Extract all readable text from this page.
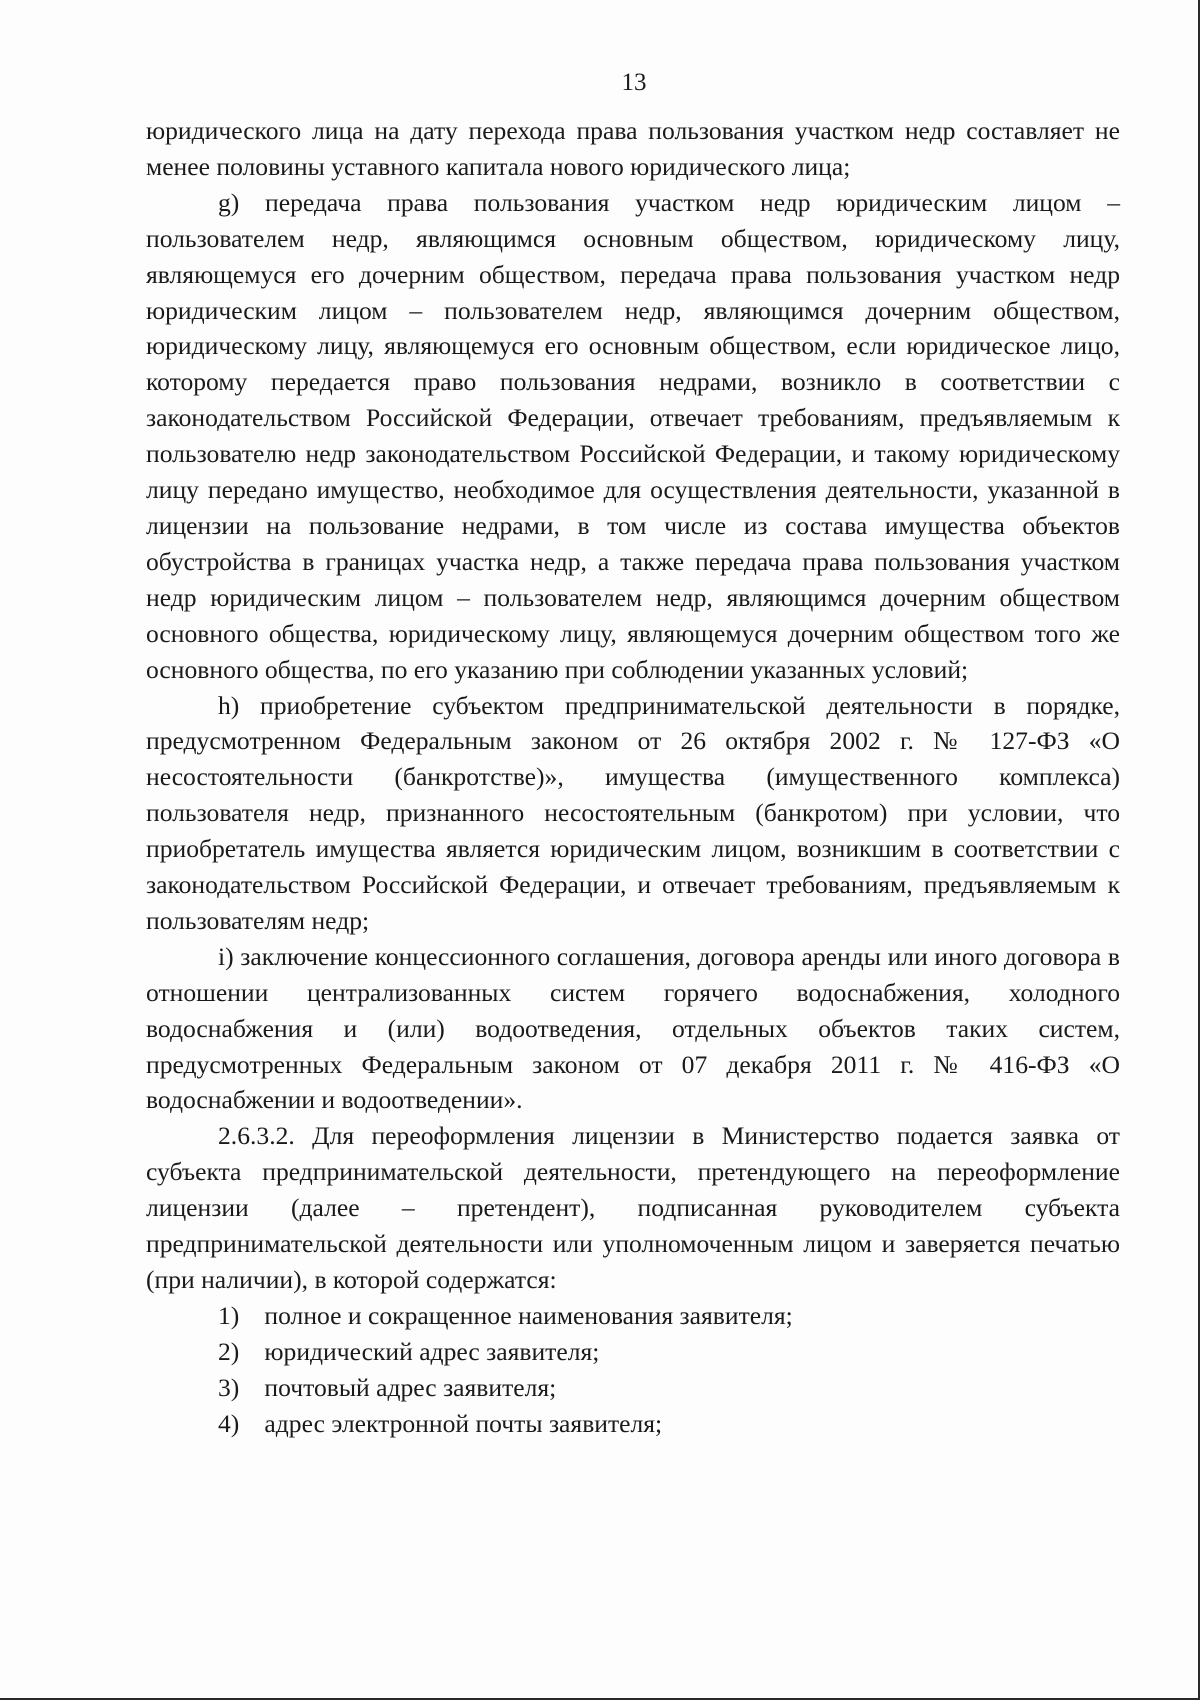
13

юридического лица на дату перехода права пользования участком недр составляет не менее половины уставного капитала нового юридического лица;

g) передача права пользования участком недр юридическим лицом – пользователем недр, являющимся основным обществом, юридическому лицу, являющемуся его дочерним обществом, передача права пользования участком недр юридическим лицом – пользователем недр, являющимся дочерним обществом, юридическому лицу, являющемуся его основным обществом, если юридическое лицо, которому передается право пользования недрами, возникло в соответствии с законодательством Российской Федерации, отвечает требованиям, предъявляемым к пользователю недр законодательством Российской Федерации, и такому юридическому лицу передано имущество, необходимое для осуществления деятельности, указанной в лицензии на пользование недрами, в том числе из состава имущества объектов обустройства в границах участка недр, а также передача права пользования участком недр юридическим лицом – пользователем недр, являющимся дочерним обществом основного общества, юридическому лицу, являющемуся дочерним обществом того же основного общества, по его указанию при соблюдении указанных условий;

h) приобретение субъектом предпринимательской деятельности в порядке, предусмотренном Федеральным законом от 26 октября 2002 г. № 127-ФЗ «О несостоятельности (банкротстве)», имущества (имущественного комплекса) пользователя недр, признанного несостоятельным (банкротом) при условии, что приобретатель имущества является юридическим лицом, возникшим в соответствии с законодательством Российской Федерации, и отвечает требованиям, предъявляемым к пользователям недр;

i) заключение концессионного соглашения, договора аренды или иного договора в отношении централизованных систем горячего водоснабжения, холодного водоснабжения и (или) водоотведения, отдельных объектов таких систем, предусмотренных Федеральным законом от 07 декабря 2011 г. № 416-ФЗ «О водоснабжении и водоотведении».

2.6.3.2. Для переоформления лицензии в Министерство подается заявка от субъекта предпринимательской деятельности, претендующего на переоформление лицензии (далее – претендент), подписанная руководителем субъекта предпринимательской деятельности или уполномоченным лицом и заверяется печатью (при наличии), в которой содержатся:

1) полное и сокращенное наименования заявителя;

2) юридический адрес заявителя;

3) почтовый адрес заявителя;

4) адрес электронной почты заявителя;
